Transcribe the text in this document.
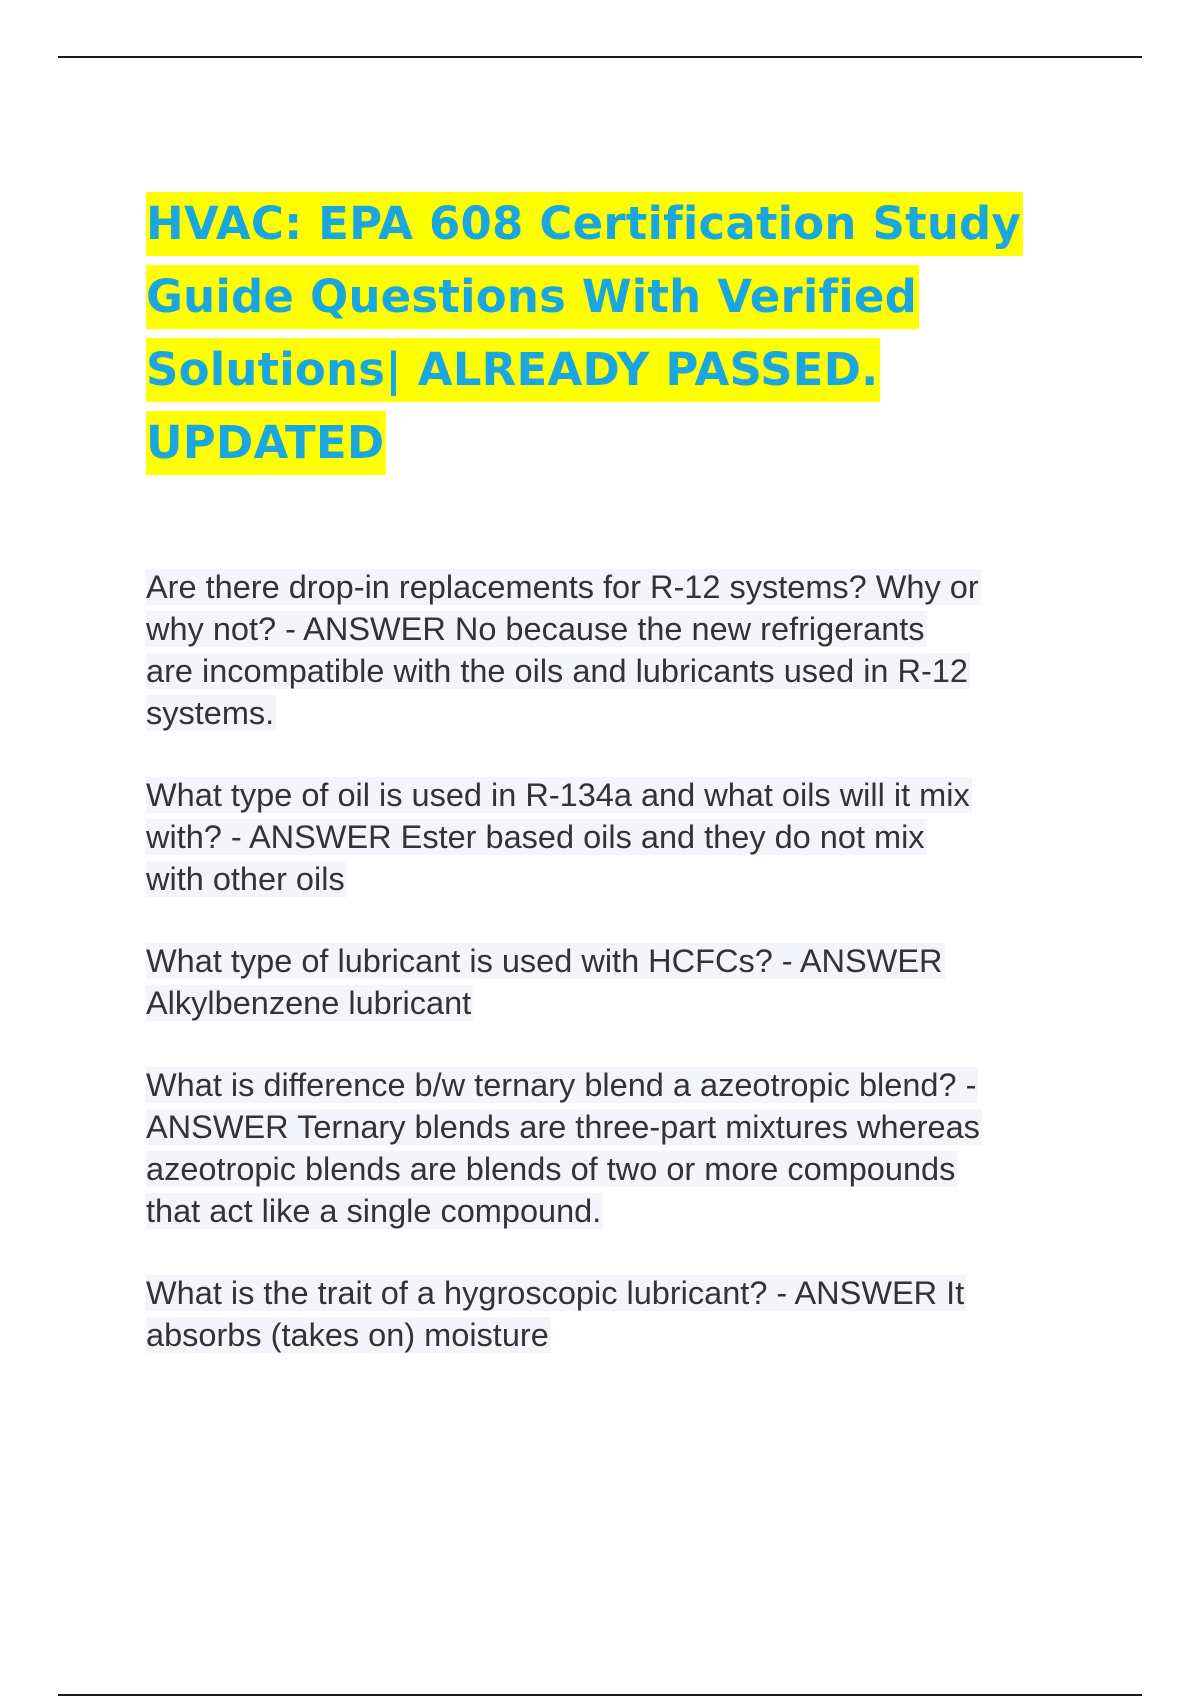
HVAC: EPA 608 Certification Study
Guide Questions With Verified
Solutions| ALREADY PASSED.
UPDATED
Are there drop-in replacements for R-12 systems? Why or
why not? - ANSWER No because the new refrigerants
are incompatible with the oils and lubricants used in R-12
systems.
What type of oil is used in R-134a and what oils will it mix
with? - ANSWER Ester based oils and they do not mix
with other oils
What type of lubricant is used with HCFCs? - ANSWER
Alkylbenzene lubricant
What is difference b/w ternary blend a azeotropic blend? -
ANSWER Ternary blends are three-part mixtures whereas
azeotropic blends are blends of two or more compounds
that act like a single compound.
What is the trait of a hygroscopic lubricant? - ANSWER It
absorbs (takes on) moisture
